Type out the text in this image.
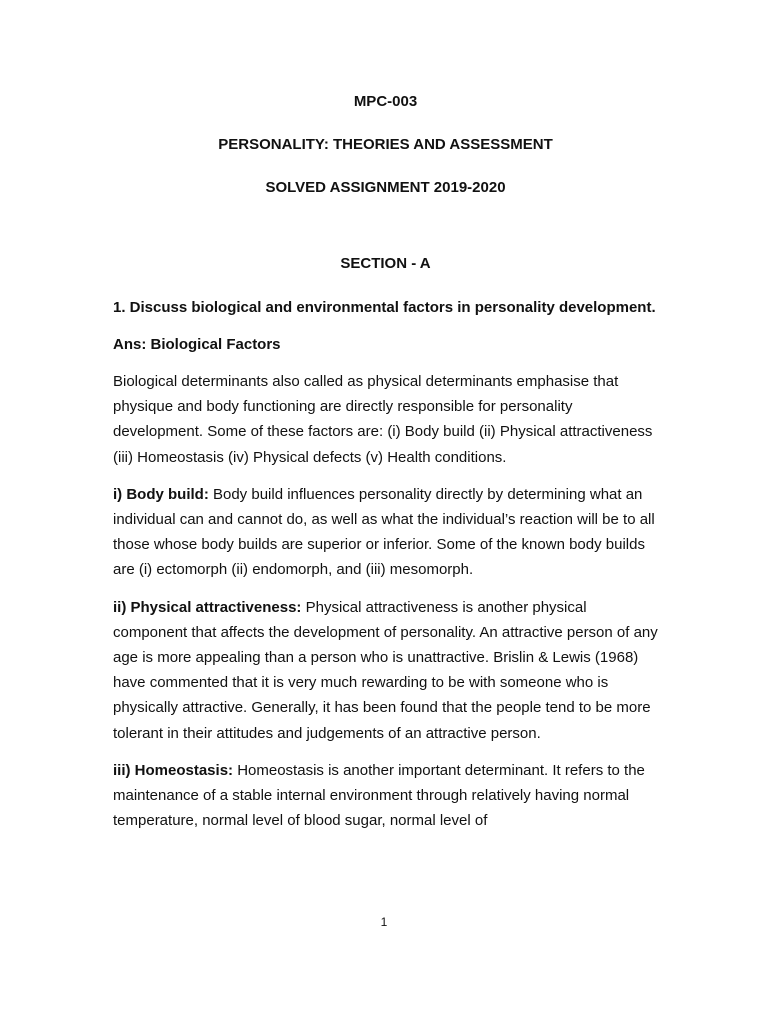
MPC-003
PERSONALITY: THEORIES AND ASSESSMENT
SOLVED ASSIGNMENT 2019-2020
SECTION - A
1. Discuss biological and environmental factors in personality development.
Ans: Biological Factors

Biological determinants also called as physical determinants emphasise that physique and body functioning are directly responsible for personality development. Some of these factors are: (i) Body build (ii) Physical attractiveness (iii) Homeostasis (iv) Physical defects (v) Health conditions.

i) Body build: Body build influences personality directly by determining what an individual can and cannot do, as well as what the individual’s reaction will be to all those whose body builds are superior or inferior. Some of the known body builds are (i) ectomorph (ii) endomorph, and (iii) mesomorph.

ii) Physical attractiveness: Physical attractiveness is another physical component that affects the development of personality. An attractive person of any age is more appealing than a person who is unattractive. Brislin & Lewis (1968) have commented that it is very much rewarding to be with someone who is physically attractive. Generally, it has been found that the people tend to be more tolerant in their attitudes and judgements of an attractive person.

iii) Homeostasis: Homeostasis is another important determinant. It refers to the maintenance of a stable internal environment through relatively having normal temperature, normal level of blood sugar, normal level of

1
